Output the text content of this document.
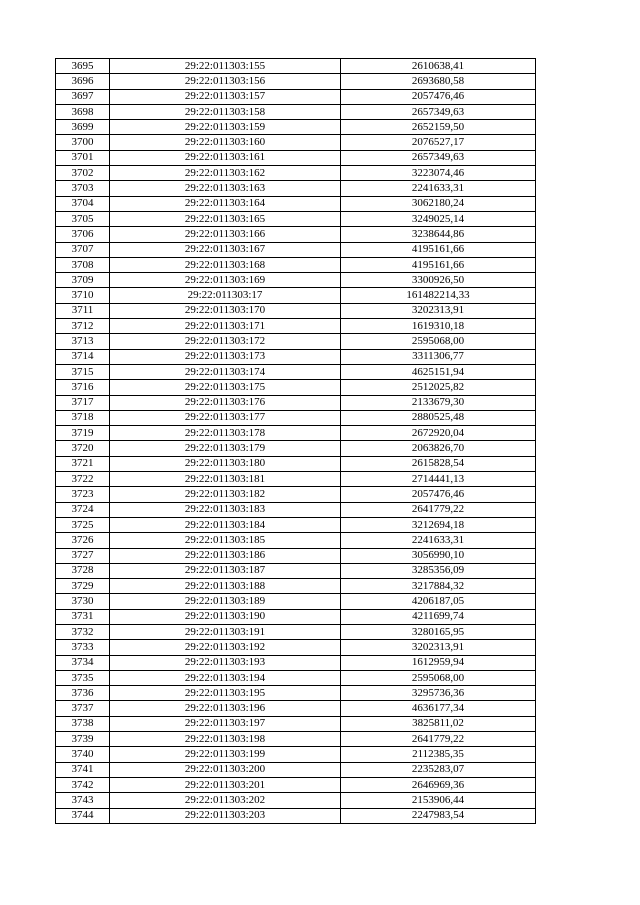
3695	29:22:011303:155	2610638,41
3696	29:22:011303:156	2693680,58
3697	29:22:011303:157	2057476,46
3698	29:22:011303:158	2657349,63
3699	29:22:011303:159	2652159,50
3700	29:22:011303:160	2076527,17
3701	29:22:011303:161	2657349,63
3702	29:22:011303:162	3223074,46
3703	29:22:011303:163	2241633,31
3704	29:22:011303:164	3062180,24
3705	29:22:011303:165	3249025,14
3706	29:22:011303:166	3238644,86
3707	29:22:011303:167	4195161,66
3708	29:22:011303:168	4195161,66
3709	29:22:011303:169	3300926,50
3710	29:22:011303:17	161482214,33
3711	29:22:011303:170	3202313,91
3712	29:22:011303:171	1619310,18
3713	29:22:011303:172	2595068,00
3714	29:22:011303:173	3311306,77
3715	29:22:011303:174	4625151,94
3716	29:22:011303:175	2512025,82
3717	29:22:011303:176	2133679,30
3718	29:22:011303:177	2880525,48
3719	29:22:011303:178	2672920,04
3720	29:22:011303:179	2063826,70
3721	29:22:011303:180	2615828,54
3722	29:22:011303:181	2714441,13
3723	29:22:011303:182	2057476,46
3724	29:22:011303:183	2641779,22
3725	29:22:011303:184	3212694,18
3726	29:22:011303:185	2241633,31
3727	29:22:011303:186	3056990,10
3728	29:22:011303:187	3285356,09
3729	29:22:011303:188	3217884,32
3730	29:22:011303:189	4206187,05
3731	29:22:011303:190	4211699,74
3732	29:22:011303:191	3280165,95
3733	29:22:011303:192	3202313,91
3734	29:22:011303:193	1612959,94
3735	29:22:011303:194	2595068,00
3736	29:22:011303:195	3295736,36
3737	29:22:011303:196	4636177,34
3738	29:22:011303:197	3825811,02
3739	29:22:011303:198	2641779,22
3740	29:22:011303:199	2112385,35
3741	29:22:011303:200	2235283,07
3742	29:22:011303:201	2646969,36
3743	29:22:011303:202	2153906,44
3744	29:22:011303:203	2247983,54
